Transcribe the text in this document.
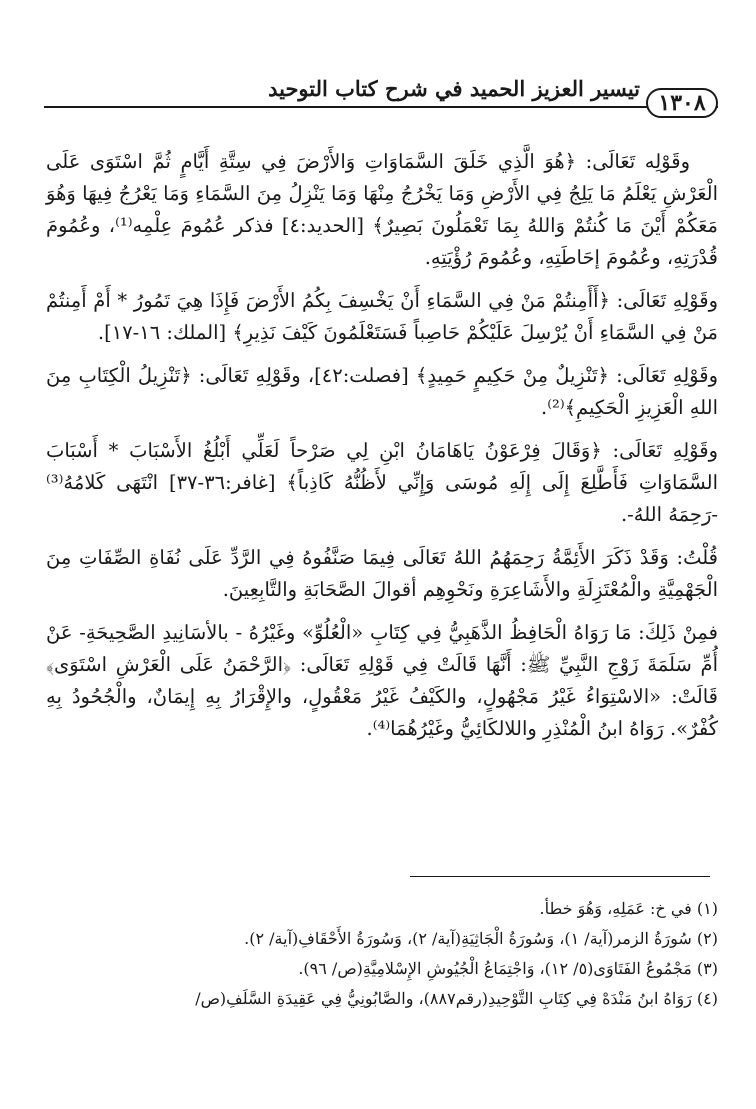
تيسير العزيز الحميد في شرح كتاب التوحيد
١٣٠٨

وقَوْلِه تَعَالَى: ﴿هُوَ الَّذِي خَلَقَ السَّمَاوَاتِ وَالأَرْضَ فِي سِتَّةِ أَيَّامٍ ثُمَّ اسْتَوَى عَلَى الْعَرْشِ يَعْلَمُ مَا يَلِجُ فِي الأَرْضِ وَمَا يَخْرُجُ مِنْهَا وَمَا يَنْزِلُ مِنَ السَّمَاءِ وَمَا يَعْرُجُ فِيهَا وَهُوَ مَعَكُمْ أَيْنَ مَا كُنتُمْ وَاللهُ بِمَا تَعْمَلُونَ بَصِيرٌ﴾ [الحديد:٤] فذكر عُمُومَ عِلْمِه⁽¹⁾، وعُمُومَ قُدْرَتِهِ، وعُمُومَ إحَاطَتِهِ، وعُمُومَ رُؤْيَتِهِ.

وقَوْلِهِ تَعَالَى: ﴿أَأَمِنتُمْ مَنْ فِي السَّمَاءِ أَنْ يَخْسِفَ بِكُمُ الأَرْضَ فَإِذَا هِيَ تَمُورُ * أَمْ أَمِنتُمْ مَنْ فِي السَّمَاءِ أَنْ يُرْسِلَ عَلَيْكُمْ حَاصِباً فَسَتَعْلَمُونَ كَيْفَ نَذِيرِ﴾ [الملك: ١٦-١٧].

وقَوْلِهِ تَعَالَى: ﴿تَنْزِيلٌ مِنْ حَكِيمٍ حَمِيدٍ﴾ [فصلت:٤٢]، وقَوْلِهِ تَعَالَى: ﴿تَنْزِيلُ الْكِتَابِ مِنَ اللهِ الْعَزِيزِ الْحَكِيمِ﴾⁽²⁾.

وقَوْلِهِ تَعَالَى: ﴿وَقَالَ فِرْعَوْنُ يَاهَامَانُ ابْنِ لِي صَرْحاً لَعَلِّي أَبْلُغُ الأَسْبَابَ * أَسْبَابَ السَّمَاوَاتِ فَأَطَّلِعَ إِلَى إِلَهِ مُوسَى وَإِنِّي لأَظُنُّهُ كَاذِباً﴾ [غافر:٣٦-٣٧] انْتَهَى كَلامُهُ⁽³⁾ -رَحِمَهُ اللهُ-.

قُلْتُ: وَقَدْ ذَكَرَ الأَئِمَّةُ رَحِمَهُمُ اللهُ تَعَالَى فِيمَا صَنَّفُوهُ فِي الرَّدِّ عَلَى نُفَاةِ الصِّفَاتِ مِنَ الْجَهْمِيَّةِ والْمُعْتَزِلَةِ والأَشَاعِرَةِ ونَحْوِهِم أقوالَ الصَّحَابَةِ والتَّابِعِينَ.

فمِنْ ذَلِكَ: مَا رَوَاهُ الْحَافِظُ الذَّهَبِيُّ فِي كِتَابِ «الْعُلُوِّ» وغَيْرُهُ - بالأسَانِيدِ الصَّحِيحَةِ- عَنْ أُمِّ سَلَمَةَ زَوْجِ النَّبِيِّ ﷺ: أَنَّهَا قَالَتْ فِي قَوْلِهِ تَعَالَى: ﴿الرَّحْمَنُ عَلَى الْعَرْشِ اسْتَوَى﴾ قَالَتْ: «الاسْتِوَاءُ غَيْرُ مَجْهُولٍ، والكَيْفُ غَيْرُ مَعْقُولٍ، والإِقْرَارُ بِهِ إِيمَانٌ، والْجُحُودُ بِهِ كُفْرٌ». رَوَاهُ ابنُ الْمُنْذِرِ واللالكَائِيُّ وغَيْرُهُمَا⁽⁴⁾.

(١) في خ: عَمَلِهِ، وَهُوَ خطأ.
(٢) سُورَةُ الزمر(آية/ ١)، وَسُورَةُ الْجَاثِيَةِ(آية/ ٢)، وَسُورَةُ الأَحْقَافِ(آية/ ٢).
(٣) مَجْمُوعُ الفَتَاوَى(٥/ ١٢)، وَاجْتِمَاعُ الْجُيُوشِ الإِسْلامِيَّةِ(ص/ ٩٦).
(٤) رَوَاهُ ابنُ مَنْدَهْ فِي كِتَابِ التَّوْحِيدِ(رقم٨٨٧)، والصَّابُونِيُّ فِي عَقِيدَةِ السَّلَفِ(ص/
